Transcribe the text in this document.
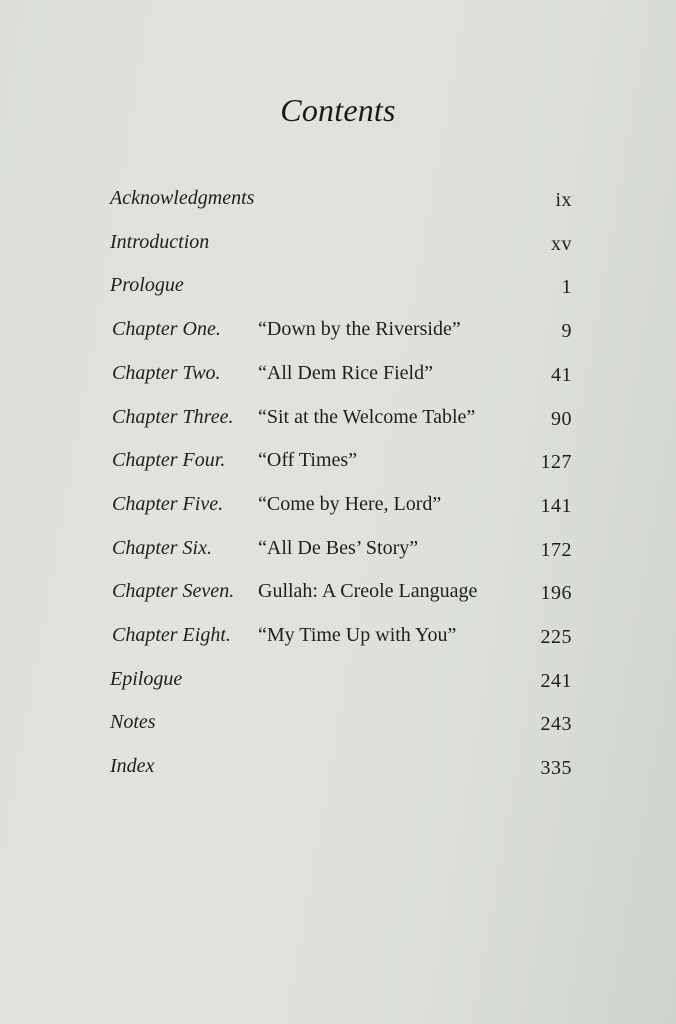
Contents
Acknowledgments	ix
Introduction	xv
Prologue	1
Chapter One. “Down by the Riverside”	9
Chapter Two. “All Dem Rice Field”	41
Chapter Three. “Sit at the Welcome Table”	90
Chapter Four. “Off Times”	127
Chapter Five. “Come by Here, Lord”	141
Chapter Six. “All De Bes’ Story”	172
Chapter Seven. Gullah: A Creole Language	196
Chapter Eight. “My Time Up with You”	225
Epilogue	241
Notes	243
Index	335
